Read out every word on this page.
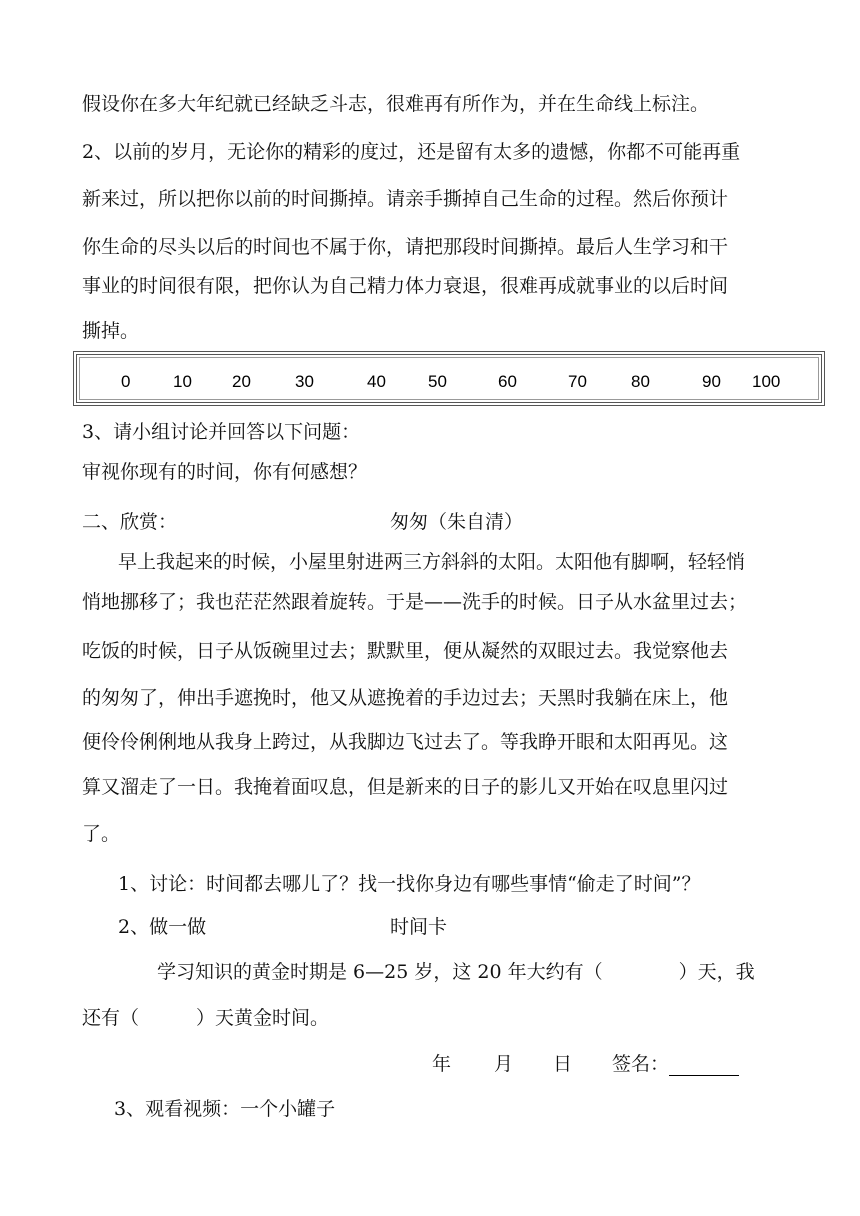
假设你在多大年纪就已经缺乏斗志，很难再有所作为，并在生命线上标注。
2、以前的岁月，无论你的精彩的度过，还是留有太多的遗憾，你都不可能再重
新来过，所以把你以前的时间撕掉。请亲手撕掉自己生命的过程。然后你预计
你生命的尽头以后的时间也不属于你，请把那段时间撕掉。最后人生学习和干
事业的时间很有限，把你认为自己精力体力衰退，很难再成就事业的以后时间
撕掉。
0	10 20	30	40 50	60	70	80	90 100
3、请小组讨论并回答以下问题：
审视你现有的时间，你有何感想？
二、欣赏：	匆匆（朱自清）
早上我起来的时候，小屋里射进两三方斜斜的太阳。太阳他有脚啊，轻轻悄
悄地挪移了；我也茫茫然跟着旋转。于是——洗手的时候。日子从水盆里过去；
吃饭的时候，日子从饭碗里过去；默默里，便从凝然的双眼过去。我觉察他去
的匆匆了，伸出手遮挽时，他又从遮挽着的手边过去；天黑时我躺在床上，他
便伶伶俐俐地从我身上跨过，从我脚边飞过去了。等我睁开眼和太阳再见。这
算又溜走了一日。我掩着面叹息，但是新来的日子的影儿又开始在叹息里闪过
了。
1、讨论：时间都去哪儿了？找一找你身边有哪些事情“偷走了时间”？
2、做一做	时间卡
学习知识的黄金时期是 6—25 岁，这 20 年大约有（　　　　）天，我
还有（　　　）天黄金时间。
年 月 日 签名：
3、观看视频：一个小罐子
